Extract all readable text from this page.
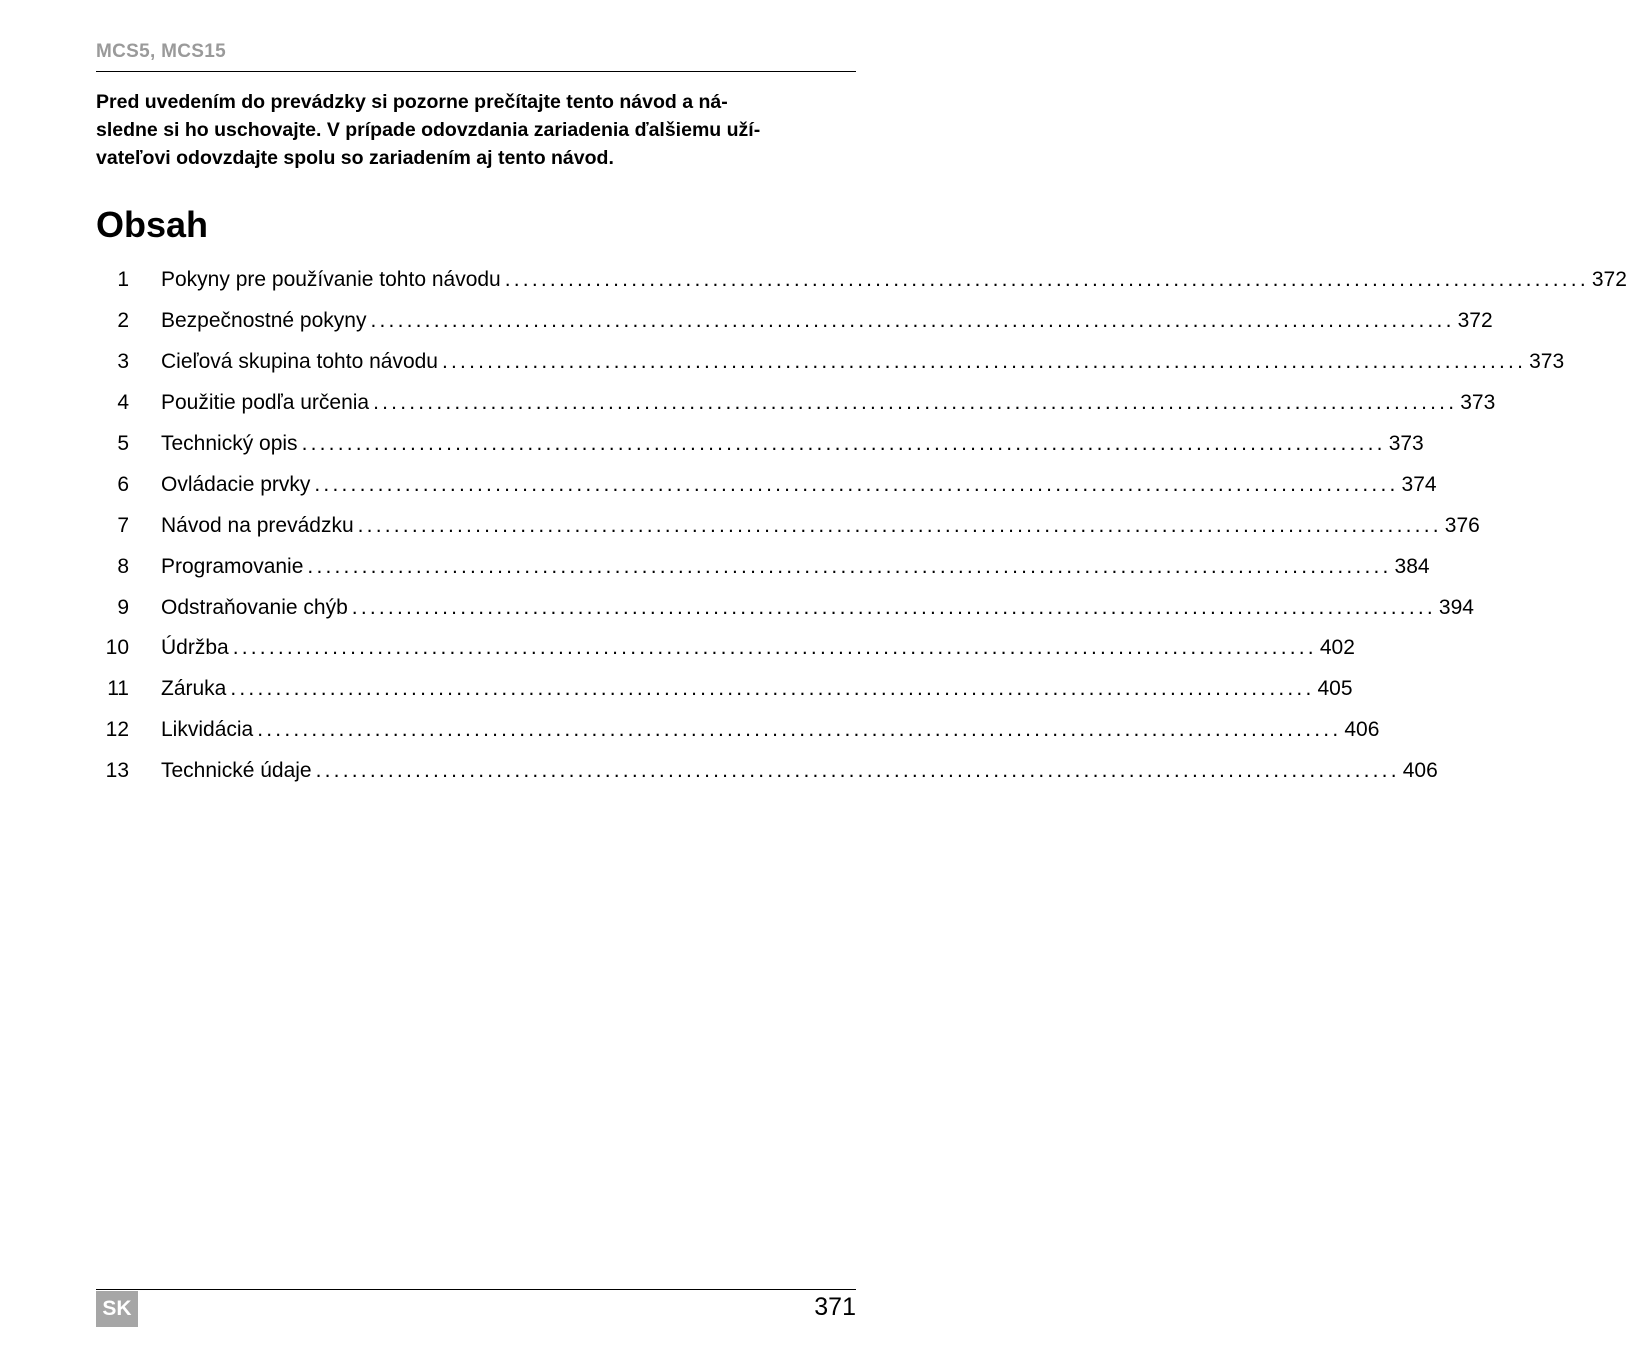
MCS5, MCS15
Pred uvedením do prevádzky si pozorne prečítajte tento návod a ná-
sledne si ho uschovajte. V prípade odovzdania zariadenia ďalšiemu uží-
vateľovi odovzdajte spolu so zariadením aj tento návod.
Obsah
1 Pokyny pre používanie tohto návodu ........................................................................................................................ 372
2 Bezpečnostné pokyny ........................................................................................................................ 372
3 Cieľová skupina tohto návodu ........................................................................................................................ 373
4 Použitie podľa určenia ........................................................................................................................ 373
5 Technický opis ........................................................................................................................ 373
6 Ovládacie prvky ........................................................................................................................ 374
7 Návod na prevádzku ........................................................................................................................ 376
8 Programovanie ........................................................................................................................ 384
9 Odstraňovanie chýb ........................................................................................................................ 394
10 Údržba ........................................................................................................................ 402
11 Záruka ........................................................................................................................ 405
12 Likvidácia ........................................................................................................................ 406
13 Technické údaje ........................................................................................................................ 406
SK	371
